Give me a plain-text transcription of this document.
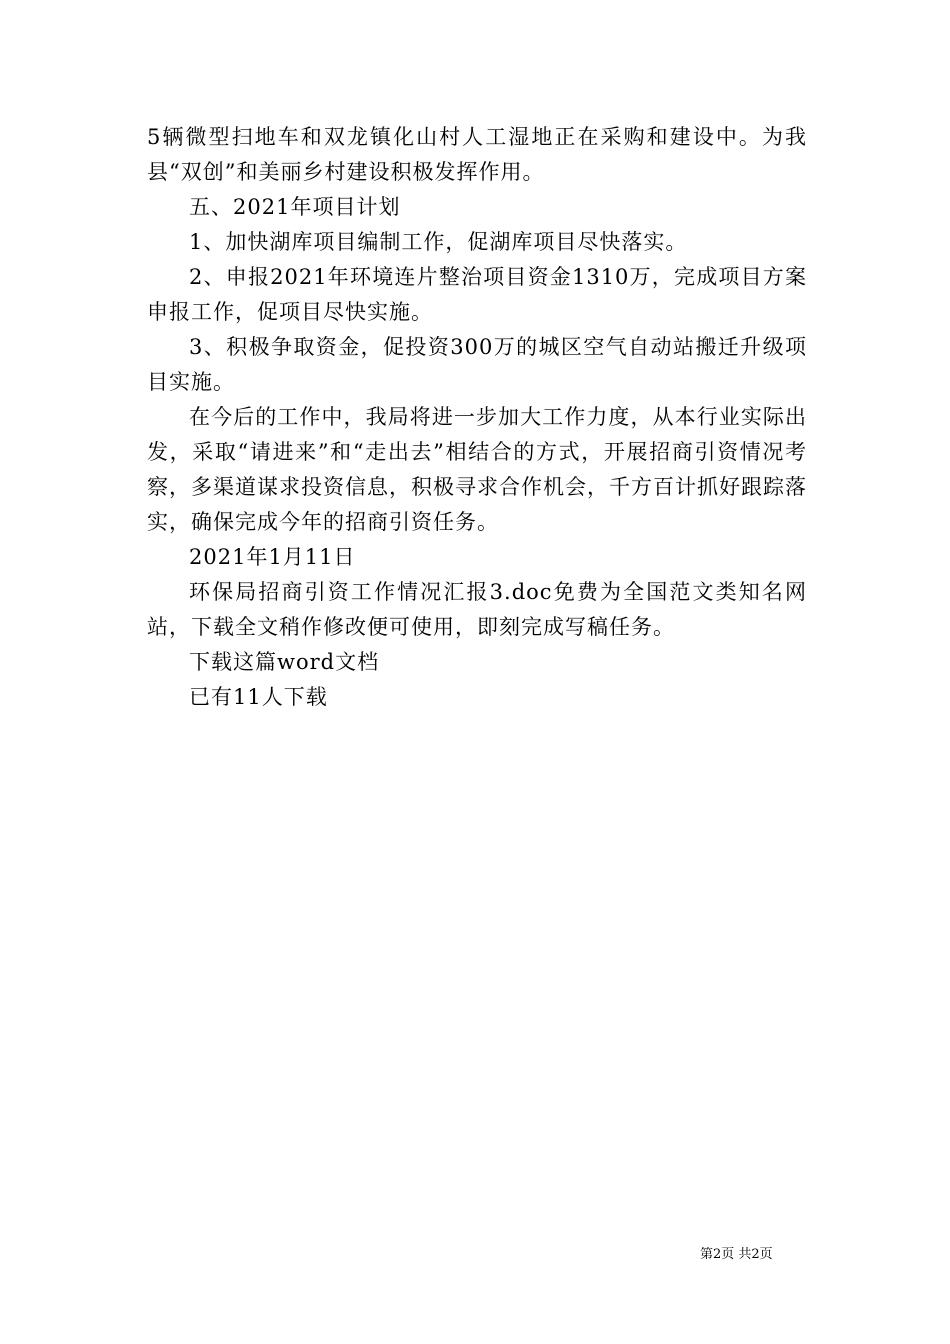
5辆微型扫地车和双龙镇化山村人工湿地正在采购和建设中。为我县“双创”和美丽乡村建设积极发挥作用。

五、2021年项目计划

1、加快湖库项目编制工作，促湖库项目尽快落实。

2、申报2021年环境连片整治项目资金1310万，完成项目方案申报工作，促项目尽快实施。

3、积极争取资金，促投资300万的城区空气自动站搬迁升级项目实施。

在今后的工作中，我局将进一步加大工作力度，从本行业实际出发，采取“请进来”和“走出去”相结合的方式，开展招商引资情况考察，多渠道谋求投资信息，积极寻求合作机会，千方百计抓好跟踪落实，确保完成今年的招商引资任务。

2021年1月11日

环保局招商引资工作情况汇报3.doc免费为全国范文类知名网站，下载全文稍作修改便可使用，即刻完成写稿任务。

下载这篇word文档

已有11人下载

第2页 共2页
